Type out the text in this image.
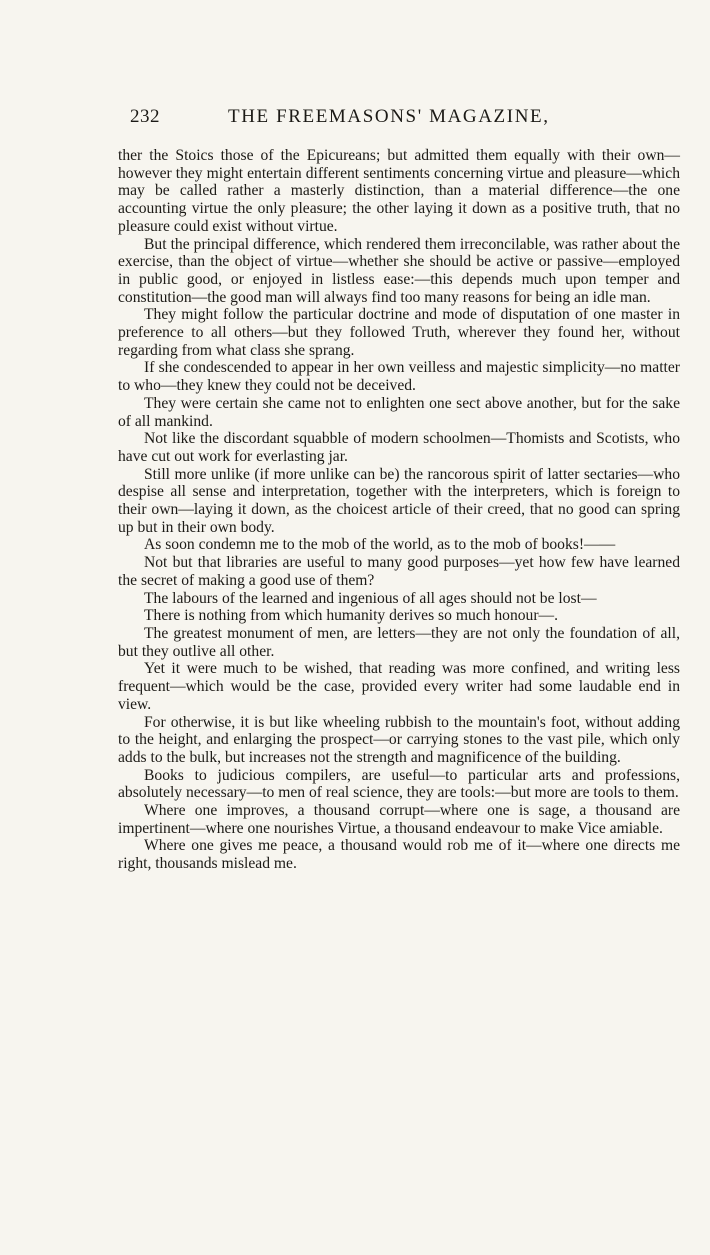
232	THE FREEMASONS' MAGAZINE,

ther the Stoics those of the Epicureans; but admitted them equally with their own—however they might entertain different sentiments concerning virtue and pleasure—which may be called rather a masterly distinction, than a material difference—the one accounting virtue the only pleasure; the other laying it down as a positive truth, that no pleasure could exist without virtue.

But the principal difference, which rendered them irreconcilable, was rather about the exercise, than the object of virtue—whether she should be active or passive—employed in public good, or enjoyed in listless ease:—this depends much upon temper and constitution—the good man will always find too many reasons for being an idle man.

They might follow the particular doctrine and mode of disputation of one master in preference to all others—but they followed Truth, wherever they found her, without regarding from what class she sprang.

If she condescended to appear in her own veilless and majestic simplicity—no matter to who—they knew they could not be deceived.

They were certain she came not to enlighten one sect above another, but for the sake of all mankind.

Not like the discordant squabble of modern schoolmen—Thomists and Scotists, who have cut out work for everlasting jar.

Still more unlike (if more unlike can be) the rancorous spirit of latter sectaries—who despise all sense and interpretation, together with the interpreters, which is foreign to their own—laying it down, as the choicest article of their creed, that no good can spring up but in their own body.

As soon condemn me to the mob of the world, as to the mob of books!——

Not but that libraries are useful to many good purposes—yet how few have learned the secret of making a good use of them?

The labours of the learned and ingenious of all ages should not be lost—

There is nothing from which humanity derives so much honour—.

The greatest monument of men, are letters—they are not only the foundation of all, but they outlive all other.

Yet it were much to be wished, that reading was more confined, and writing less frequent—which would be the case, provided every writer had some laudable end in view.

For otherwise, it is but like wheeling rubbish to the mountain's foot, without adding to the height, and enlarging the prospect—or carrying stones to the vast pile, which only adds to the bulk, but increases not the strength and magnificence of the building.

Books to judicious compilers, are useful—to particular arts and professions, absolutely necessary—to men of real science, they are tools:—but more are tools to them.

Where one improves, a thousand corrupt—where one is sage, a thousand are impertinent—where one nourishes Virtue, a thousand endeavour to make Vice amiable.

Where one gives me peace, a thousand would rob me of it—where one directs me right, thousands mislead me.
